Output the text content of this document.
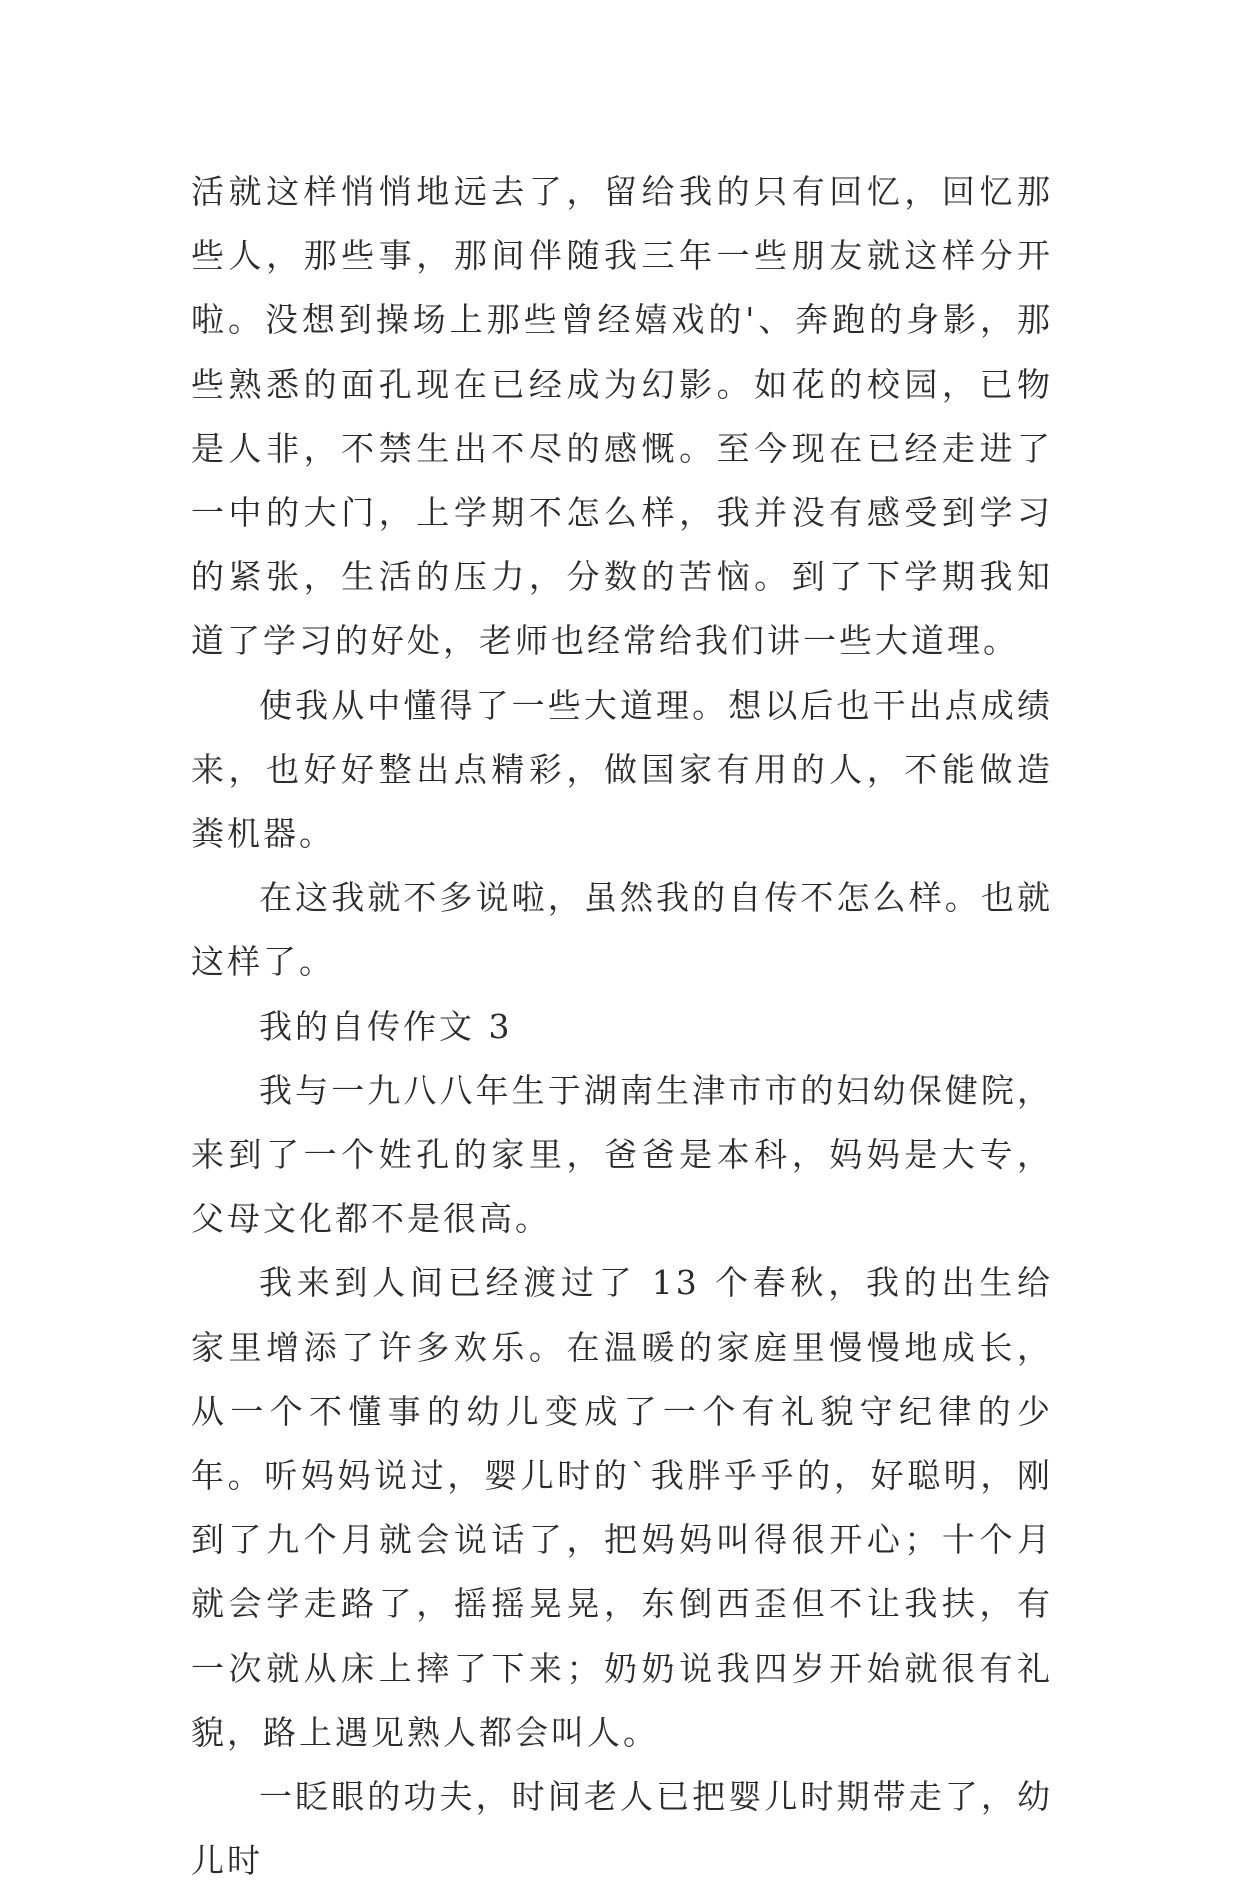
活就这样悄悄地远去了，留给我的只有回忆，回忆那些人，那些事，那间伴随我三年一些朋友就这样分开啦。没想到操场上那些曾经嬉戏的'、奔跑的身影，那些熟悉的面孔现在已经成为幻影。如花的校园，已物是人非，不禁生出不尽的感慨。至今现在已经走进了一中的大门，上学期不怎么样，我并没有感受到学习的紧张，生活的压力，分数的苦恼。到了下学期我知道了学习的好处，老师也经常给我们讲一些大道理。

使我从中懂得了一些大道理。想以后也干出点成绩来，也好好整出点精彩，做国家有用的人，不能做造粪机器。

在这我就不多说啦，虽然我的自传不怎么样。也就这样了。

我的自传作文 3

我与一九八八年生于湖南生津市市的妇幼保健院，来到了一个姓孔的家里，爸爸是本科，妈妈是大专，父母文化都不是很高。

我来到人间已经渡过了 13 个春秋，我的出生给家里增添了许多欢乐。在温暖的家庭里慢慢地成长，从一个不懂事的幼儿变成了一个有礼貌守纪律的少年。听妈妈说过，婴儿时的`我胖乎乎的，好聪明，刚到了九个月就会说话了，把妈妈叫得很开心；十个月就会学走路了，摇摇晃晃，东倒西歪但不让我扶，有一次就从床上摔了下来；奶奶说我四岁开始就很有礼貌，路上遇见熟人都会叫人。

一眨眼的功夫，时间老人已把婴儿时期带走了，幼儿时
